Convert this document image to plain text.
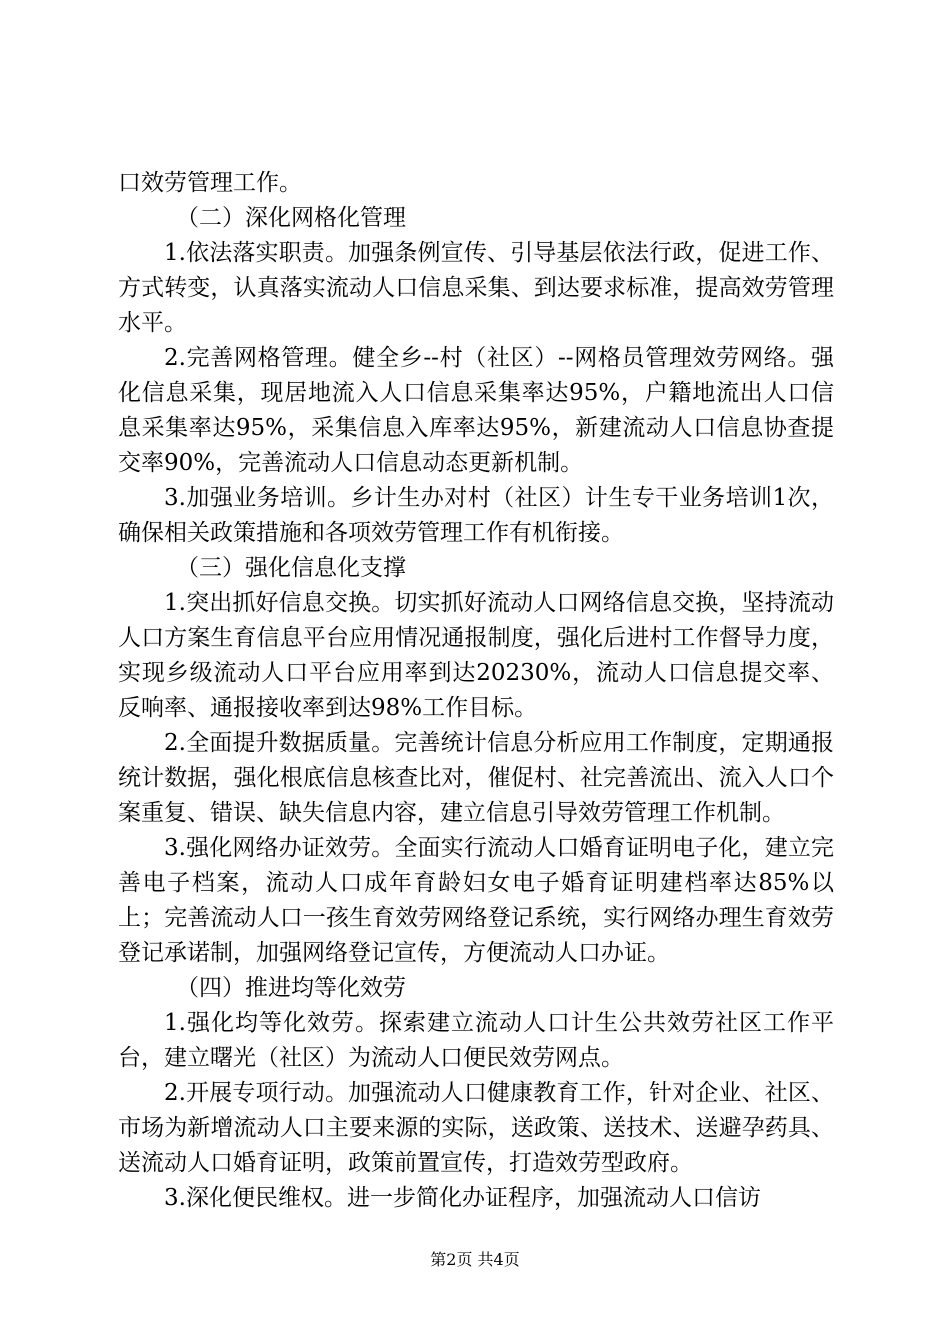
口效劳管理工作。

（二）深化网格化管理

1.依法落实职责。加强条例宣传、引导基层依法行政，促进工作、方式转变，认真落实流动人口信息采集、到达要求标准，提高效劳管理水平。

2.完善网格管理。健全乡--村（社区）--网格员管理效劳网络。强化信息采集，现居地流入人口信息采集率达95%，户籍地流出人口信息采集率达95%，采集信息入库率达95%，新建流动人口信息协查提交率90%，完善流动人口信息动态更新机制。

3.加强业务培训。乡计生办对村（社区）计生专干业务培训1次，确保相关政策措施和各项效劳管理工作有机衔接。

（三）强化信息化支撑

1.突出抓好信息交换。切实抓好流动人口网络信息交换，坚持流动人口方案生育信息平台应用情况通报制度，强化后进村工作督导力度，实现乡级流动人口平台应用率到达20230%，流动人口信息提交率、反响率、通报接收率到达98%工作目标。

2.全面提升数据质量。完善统计信息分析应用工作制度，定期通报统计数据，强化根底信息核查比对，催促村、社完善流出、流入人口个案重复、错误、缺失信息内容，建立信息引导效劳管理工作机制。

3.强化网络办证效劳。全面实行流动人口婚育证明电子化，建立完善电子档案，流动人口成年育龄妇女电子婚育证明建档率达85%以上；完善流动人口一孩生育效劳网络登记系统，实行网络办理生育效劳登记承诺制，加强网络登记宣传，方便流动人口办证。

（四）推进均等化效劳

1.强化均等化效劳。探索建立流动人口计生公共效劳社区工作平台，建立曙光（社区）为流动人口便民效劳网点。

2.开展专项行动。加强流动人口健康教育工作，针对企业、社区、市场为新增流动人口主要来源的实际，送政策、送技术、送避孕药具、送流动人口婚育证明，政策前置宣传，打造效劳型政府。

3.深化便民维权。进一步简化办证程序，加强流动人口信访

第2页 共4页
